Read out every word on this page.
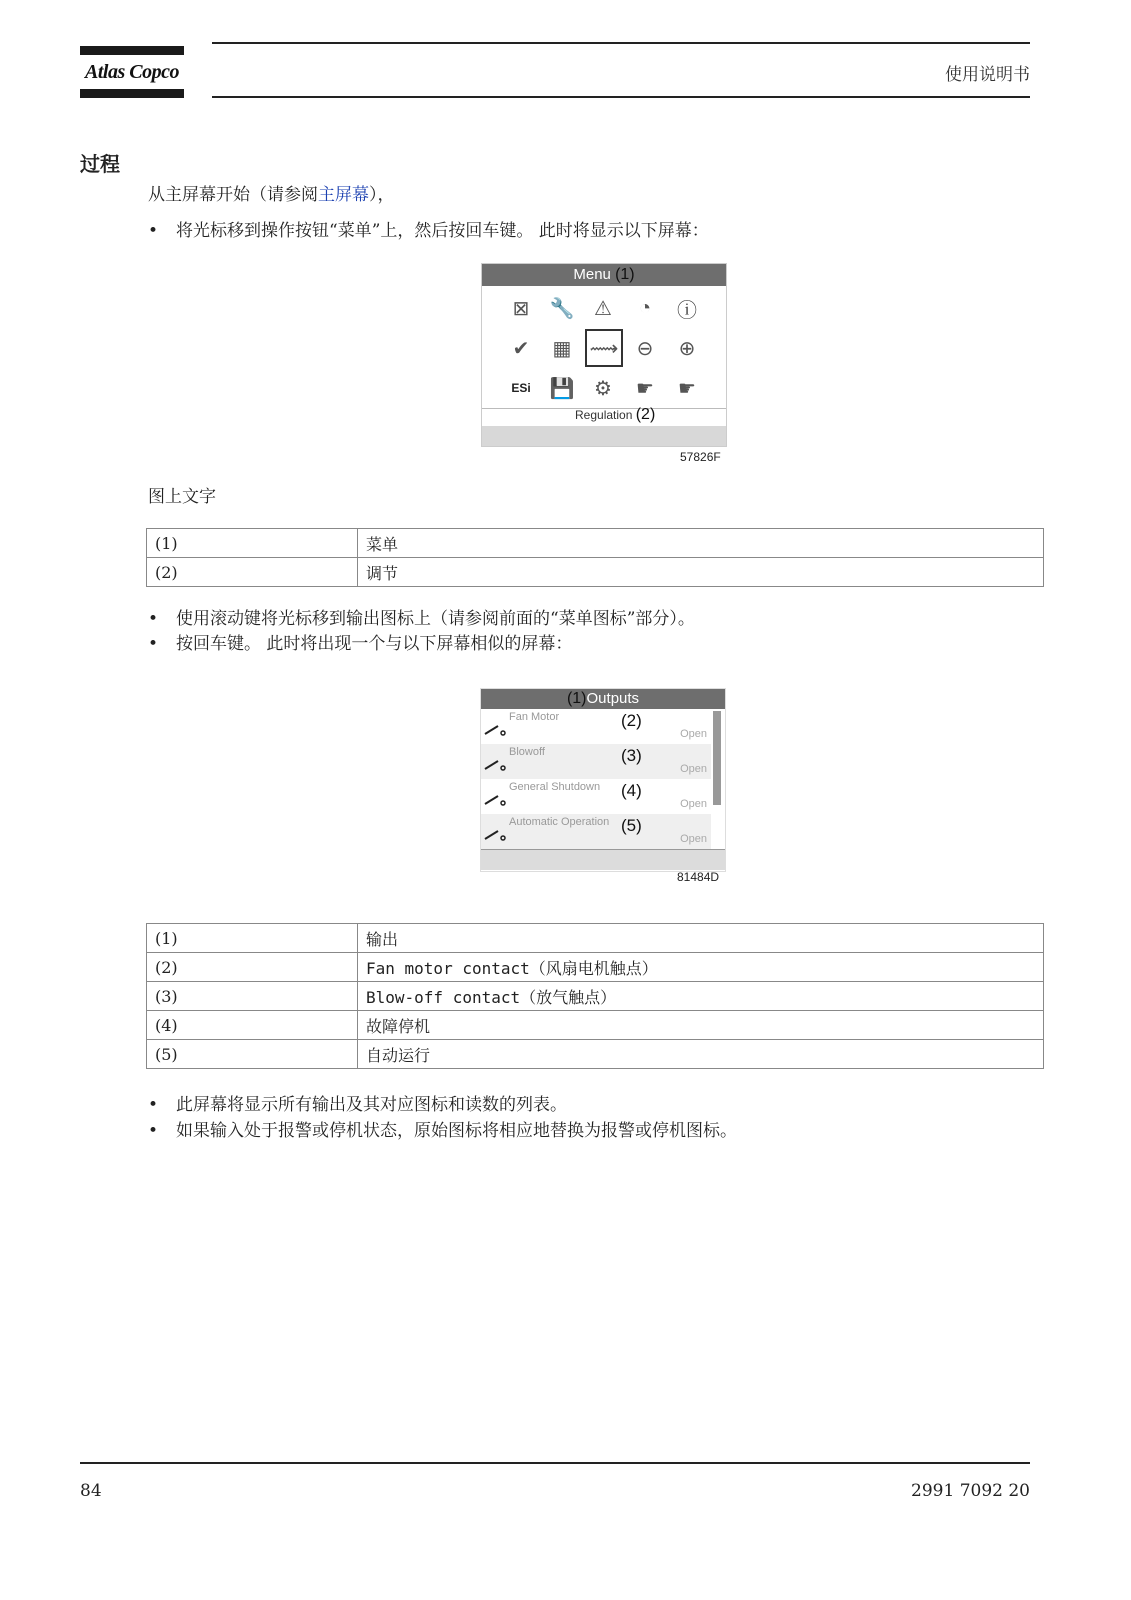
Atlas Copco	使用说明书
过程
从主屏幕开始（请参阅主屏幕），
• 将光标移到操作按钮“菜单”上，然后按回车键。 此时将显示以下屏幕：
Menu (1)
⊠	🔧 ⚠	◔	ⓘ
✔	▦ ⟿ ⊖	⊕
ESi 💾 ⚙	☛	☛
Regulation (2)
57826F
图上文字
(1)	菜单
(2)	调节
• 使用滚动键将光标移到输出图标上（请参阅前面的“菜单图标”部分）。
• 按回车键。 此时将出现一个与以下屏幕相似的屏幕：
(1)Outputs
Fan Motor	(2)
Open
Blowoff	(3)
Open
General Shutdown (4)
Open
Automatic Operation (5)
Open
81484D
(1)	输出
(2)	Fan motor contact（风扇电机触点）
(3)	Blow-off contact（放气触点）
(4)	故障停机
(5)	自动运行
• 此屏幕将显示所有输出及其对应图标和读数的列表。
• 如果输入处于报警或停机状态，原始图标将相应地替换为报警或停机图标。
84	2991 7092 20
